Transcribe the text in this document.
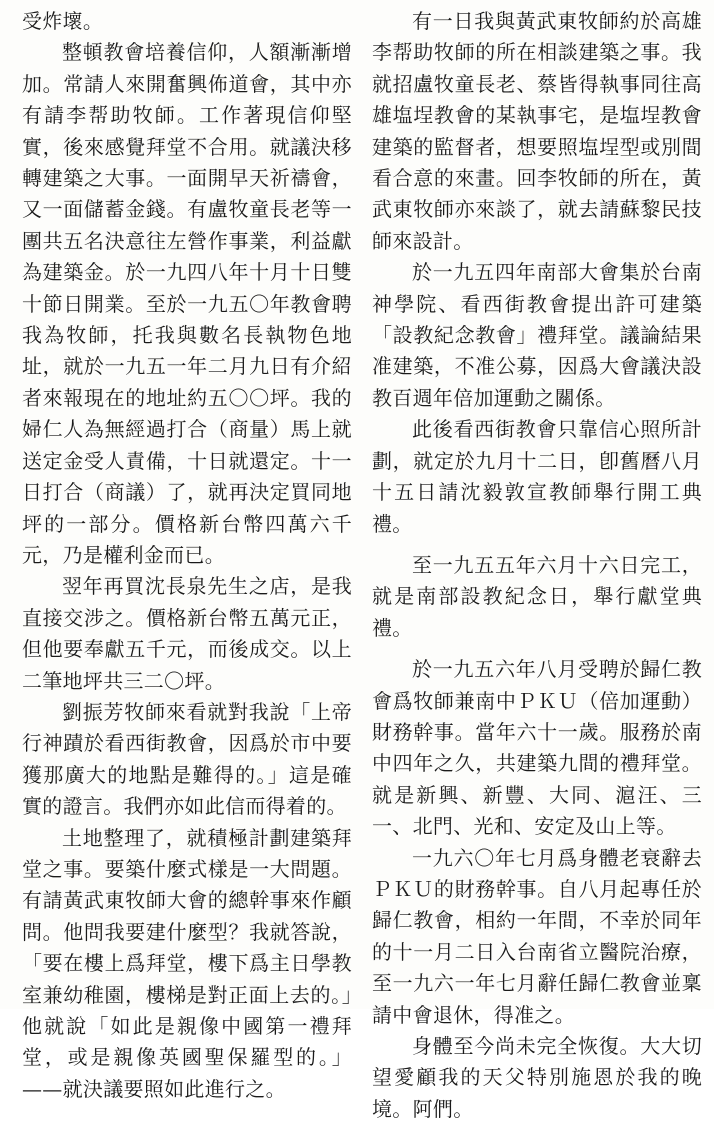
受炸壞。

整頓教會培養信仰，人額漸漸增加。常請人來開奮興佈道會，其中亦有請李帮助牧師。工作著現信仰堅實，後來感覺拜堂不合用。就議決移轉建築之大事。一面開早天祈禱會，又一面儲蓄金錢。有盧牧童長老等一團共五名決意往左營作事業，利益獻為建築金。於一九四八年十月十日雙十節日開業。至於一九五〇年教會聘我為牧師，托我與數名長執物色地址，就於一九五一年二月九日有介紹者來報現在的地址約五〇〇坪。我的婦仁人為無經過打合（商量）馬上就送定金受人責備，十日就還定。十一日打合（商議）了，就再決定買同地坪的一部分。價格新台幣四萬六千元，乃是權利金而已。

翌年再買沈長泉先生之店，是我直接交涉之。價格新台幣五萬元正，但他要奉獻五千元，而後成交。以上二筆地坪共三二〇坪。

劉振芳牧師來看就對我說「上帝行神蹟於看西街教會，因爲於市中要獲那廣大的地點是難得的。」這是確實的證言。我們亦如此信而得着的。

土地整理了，就積極計劃建築拜堂之事。要築什麼式樣是一大問題。有請黃武東牧師大會的總幹事來作顧問。他問我要建什麼型？我就答說，「要在樓上爲拜堂，樓下爲主日學教室兼幼稚園，樓梯是對正面上去的。」他就說「如此是親像中國第一禮拜堂，或是親像英國聖保羅型的。」——就決議要照如此進行之。

有一日我與黃武東牧師約於高雄李帮助牧師的所在相談建築之事。我就招盧牧童長老、蔡皆得執事同往高雄塩埕教會的某執事宅，是塩埕教會建築的監督者，想要照塩埕型或別間看合意的來畫。回李牧師的所在，黃武東牧師亦來談了，就去請蘇黎民技師來設計。

於一九五四年南部大會集於台南神學院、看西街教會提出許可建築「設教紀念教會」禮拜堂。議論結果准建築，不准公募，因爲大會議決設教百週年倍加運動之關係。

此後看西街教會只靠信心照所計劃，就定於九月十二日，卽舊曆八月十五日請沈毅敦宣教師舉行開工典禮。

至一九五五年六月十六日完工，就是南部設教紀念日，舉行獻堂典禮。

於一九五六年八月受聘於歸仁教會爲牧師兼南中ＰＫＵ（倍加運動）財務幹事。當年六十一歲。服務於南中四年之久，共建築九間的禮拜堂。就是新興、新豐、大同、滬汪、三一、北門、光和、安定及山上等。

一九六〇年七月爲身體老衰辭去ＰＫＵ的財務幹事。自八月起專任於歸仁教會，相約一年間，不幸於同年的十一月二日入台南省立醫院治療，至一九六一年七月辭任歸仁教會並稟請中會退休，得准之。

身體至今尚未完全恢復。大大切望愛顧我的天父特別施恩於我的晚境。阿們。
